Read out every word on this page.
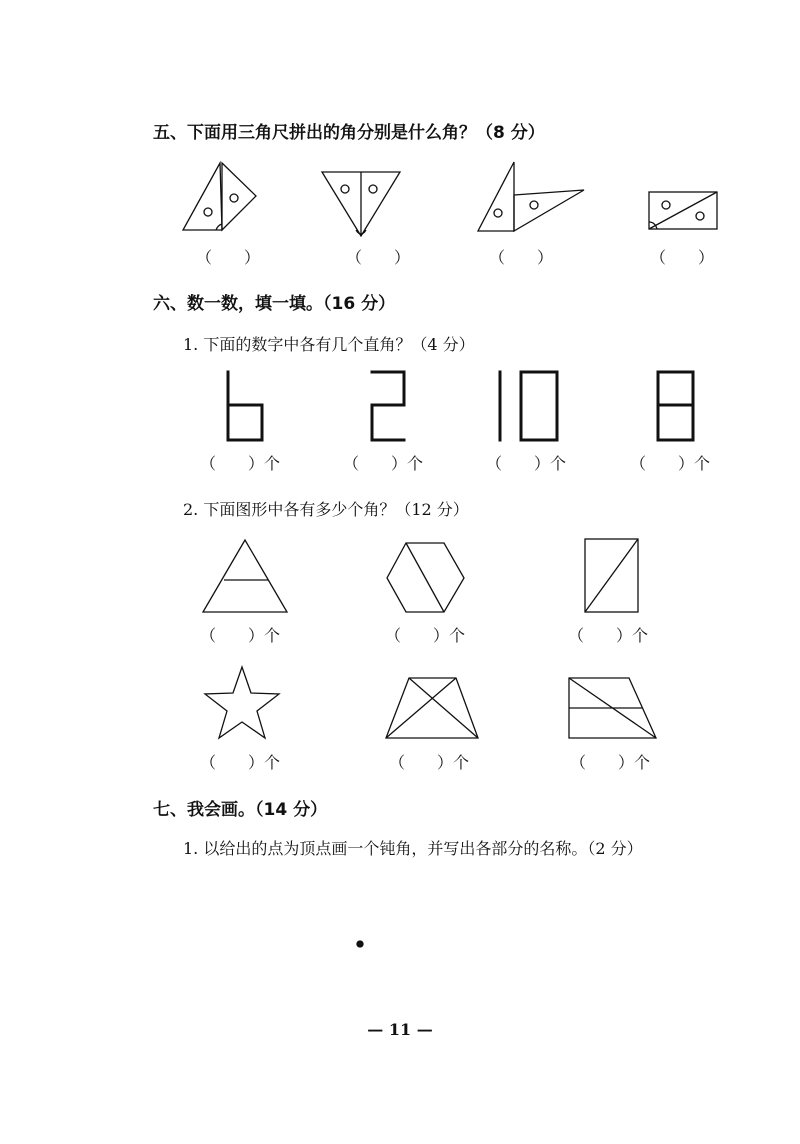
五、下面用三角尺拼出的角分别是什么角？（8 分）
（　　）	（　　）	（　　）	（　　）
六、数一数，填一填。（16 分）
1. 下面的数字中各有几个直角？（4 分）
（　　）个	（　　）个	（　　）个	（　　）个
2. 下面图形中各有多少个角？（12 分）
（　　）个	（　　）个	（　　）个
（　　）个	（　　）个	（　　）个
七、我会画。（14 分）
1. 以给出的点为顶点画一个钝角，并写出各部分的名称。（2 分）
— 11 —
